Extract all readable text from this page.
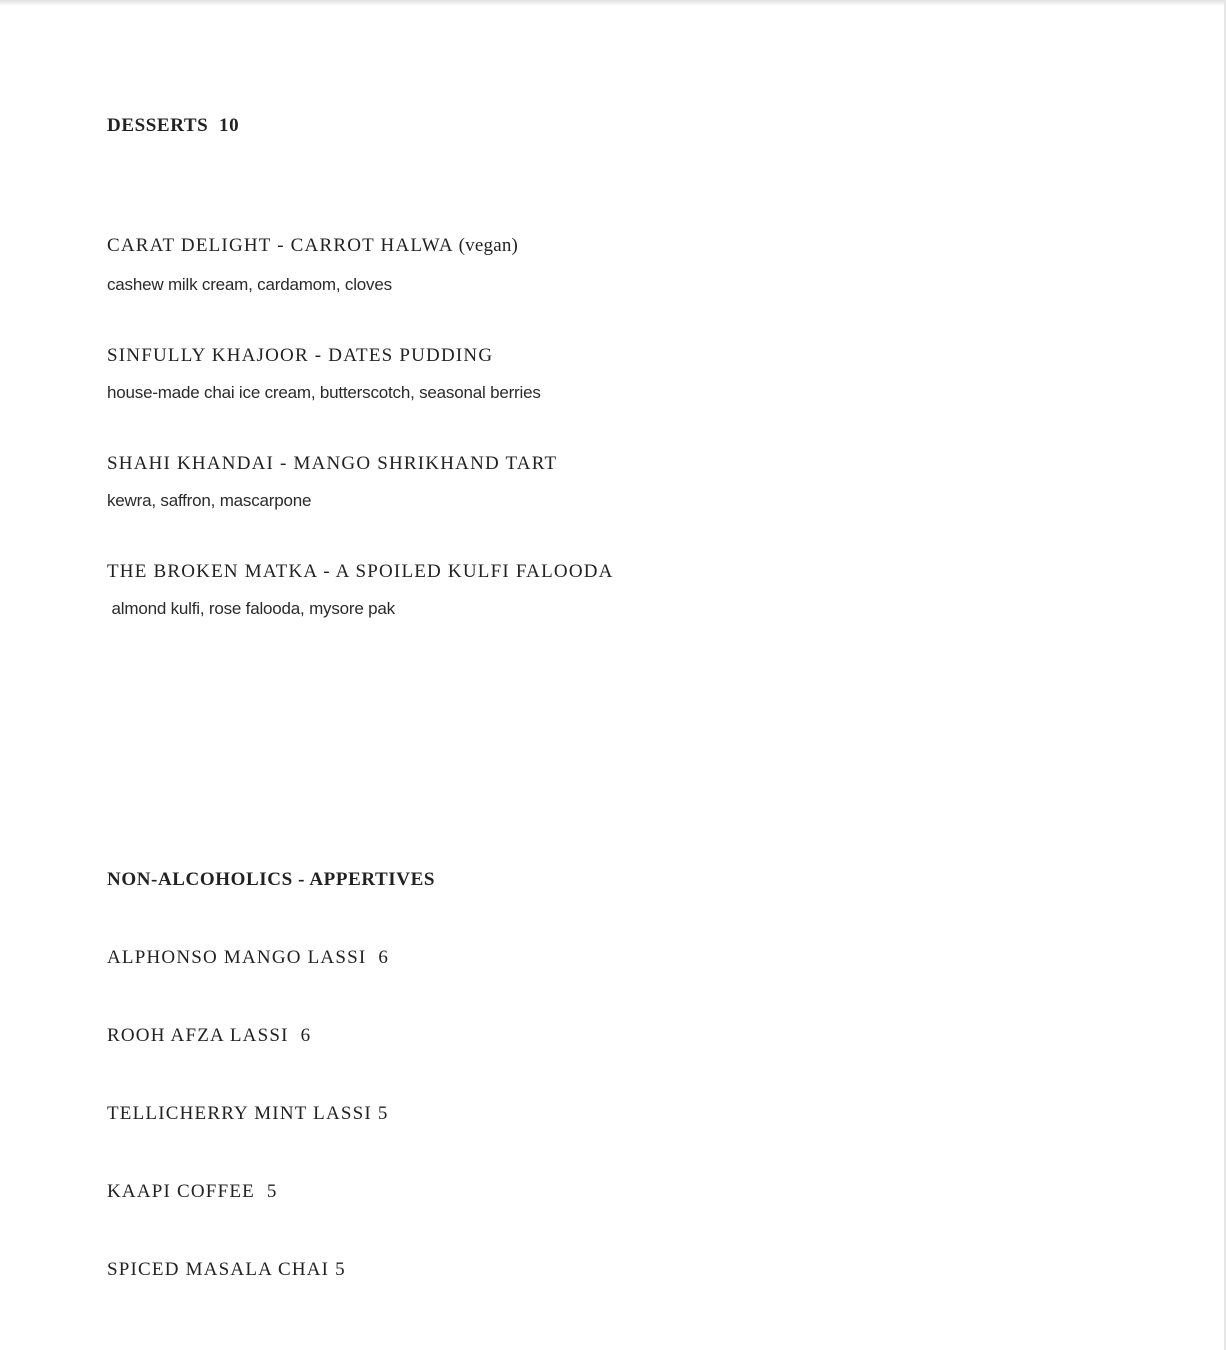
DESSERTS 10
CARAT DELIGHT - CARROT HALWA (vegan)
cashew milk cream, cardamom, cloves
SINFULLY KHAJOOR - DATES PUDDING
house-made chai ice cream, butterscotch, seasonal berries
SHAHI KHANDAI - MANGO SHRIKHAND TART
kewra, saffron, mascarpone
THE BROKEN MATKA - A SPOILED KULFI FALOODA
almond kulfi, rose falooda, mysore pak
NON-ALCOHOLICS - APPERTIVES
ALPHONSO MANGO LASSI 6
ROOH AFZA LASSI 6
TELLICHERRY MINT LASSI 5
KAAPI COFFEE 5
SPICED MASALA CHAI 5
